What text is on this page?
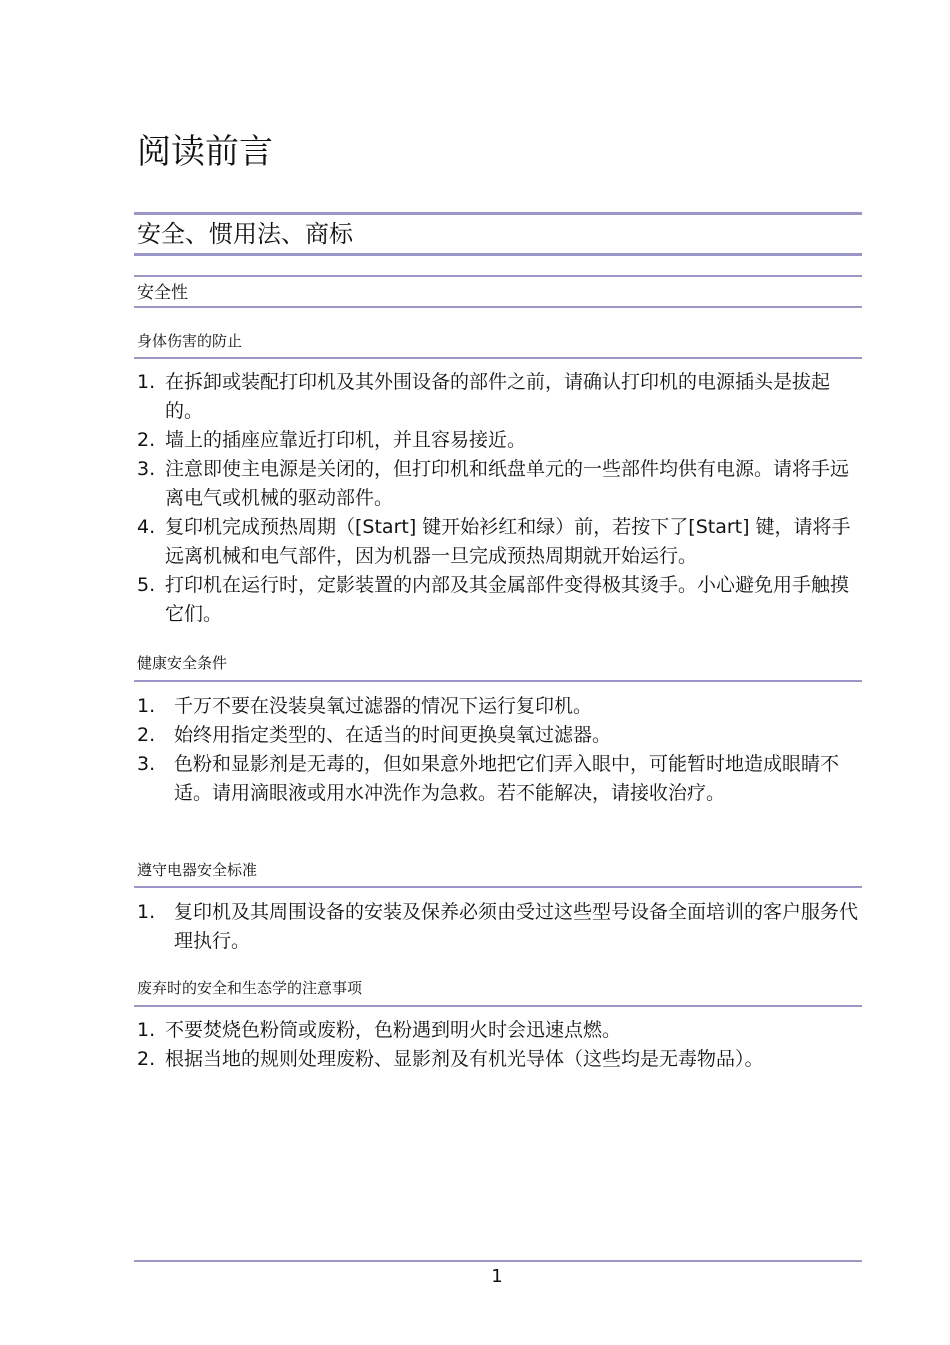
阅读前言
安全、惯用法、商标
安全性
身体伤害的防止
1. 在拆卸或装配打印机及其外围设备的部件之前，请确认打印机的电源插头是拔起的。
2. 墙上的插座应靠近打印机，并且容易接近。
3. 注意即使主电源是关闭的，但打印机和纸盘单元的一些部件均供有电源。请将手远离电气或机械的驱动部件。
4. 复印机完成预热周期（[Start] 键开始衫红和绿）前，若按下了[Start] 键，请将手远离机械和电气部件，因为机器一旦完成预热周期就开始运行。
5. 打印机在运行时，定影装置的内部及其金属部件变得极其烫手。小心避免用手触摸它们。
健康安全条件
1. 千万不要在没装臭氧过滤器的情况下运行复印机。
2. 始终用指定类型的、在适当的时间更换臭氧过滤器。
3. 色粉和显影剂是无毒的，但如果意外地把它们弄入眼中，可能暂时地造成眼睛不适。请用滴眼液或用水冲洗作为急救。若不能解决，请接收治疗。
遵守电器安全标准
1. 复印机及其周围设备的安装及保养必须由受过这些型号设备全面培训的客户服务代理执行。
废弃时的安全和生态学的注意事项
1. 不要焚烧色粉筒或废粉，色粉遇到明火时会迅速点燃。
2. 根据当地的规则处理废粉、显影剂及有机光导体（这些均是无毒物品）。
1
